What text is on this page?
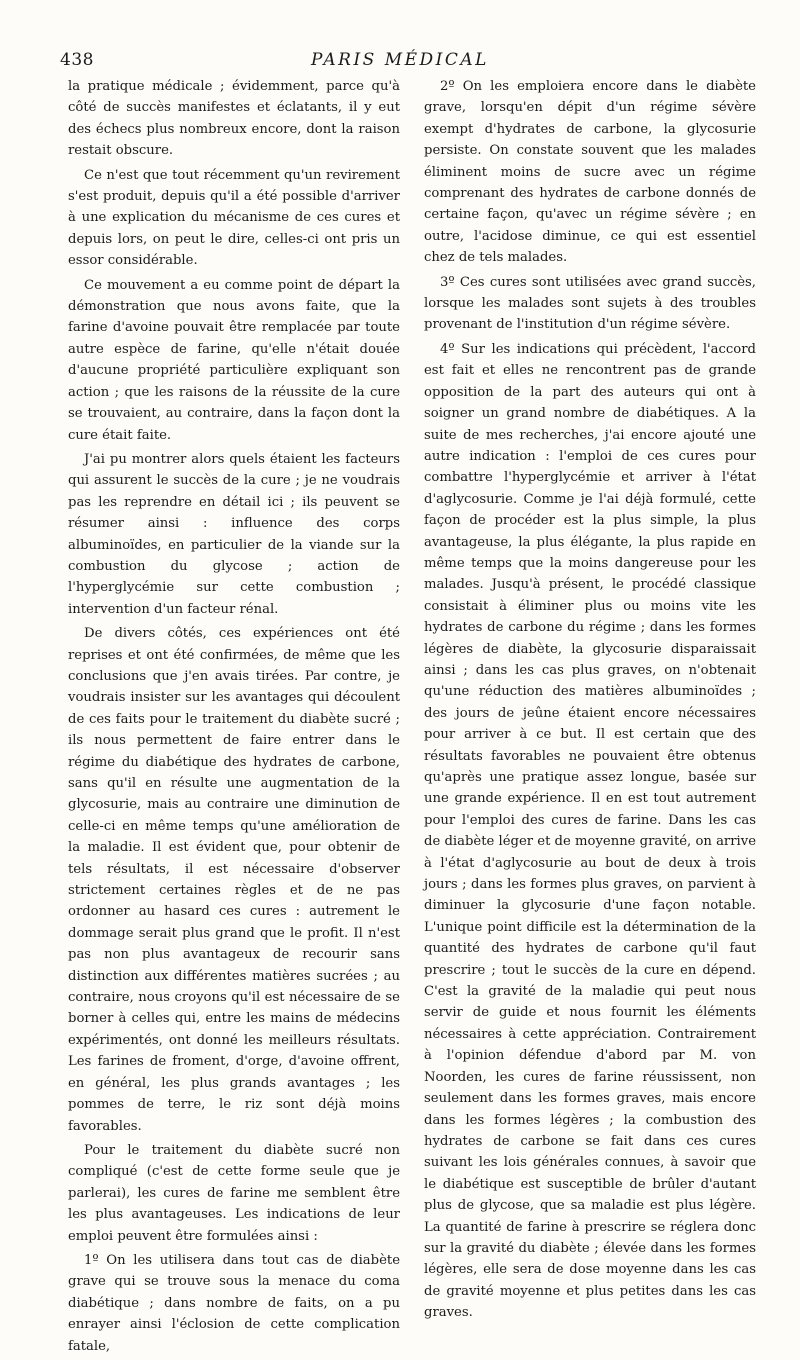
438	PARIS MÉDICAL

la pratique médicale ; évidemment, parce qu'à côté de succès manifestes et éclatants, il y eut des échecs plus nombreux encore, dont la raison restait obscure.

Ce n'est que tout récemment qu'un revirement s'est produit, depuis qu'il a été possible d'arriver à une explication du mécanisme de ces cures et depuis lors, on peut le dire, celles-ci ont pris un essor considérable.

Ce mouvement a eu comme point de départ la démonstration que nous avons faite, que la farine d'avoine pouvait être remplacée par toute autre espèce de farine, qu'elle n'était douée d'aucune propriété particulière expliquant son action ; que les raisons de la réussite de la cure se trouvaient, au contraire, dans la façon dont la cure était faite.

J'ai pu montrer alors quels étaient les facteurs qui assurent le succès de la cure ; je ne voudrais pas les reprendre en détail ici ; ils peuvent se résumer ainsi : influence des corps albuminoïdes, en particulier de la viande sur la combustion du glycose ; action de l'hyperglycémie sur cette combustion ; intervention d'un facteur rénal.

De divers côtés, ces expériences ont été reprises et ont été confirmées, de même que les conclusions que j'en avais tirées. Par contre, je voudrais insister sur les avantages qui découlent de ces faits pour le traitement du diabète sucré ; ils nous permettent de faire entrer dans le régime du diabétique des hydrates de carbone, sans qu'il en résulte une augmentation de la glycosurie, mais au contraire une diminution de celle-ci en même temps qu'une amélioration de la maladie. Il est évident que, pour obtenir de tels résultats, il est nécessaire d'observer strictement certaines règles et de ne pas ordonner au hasard ces cures : autrement le dommage serait plus grand que le profit. Il n'est pas non plus avantageux de recourir sans distinction aux différentes matières sucrées ; au contraire, nous croyons qu'il est nécessaire de se borner à celles qui, entre les mains de médecins expérimentés, ont donné les meilleurs résultats. Les farines de froment, d'orge, d'avoine offrent, en général, les plus grands avantages ; les pommes de terre, le riz sont déjà moins favorables.

Pour le traitement du diabète sucré non compliqué (c'est de cette forme seule que je parlerai), les cures de farine me semblent être les plus avantageuses. Les indications de leur emploi peuvent être formulées ainsi :

1º On les utilisera dans tout cas de diabète grave qui se trouve sous la menace du coma diabétique ; dans nombre de faits, on a pu enrayer ainsi l'éclosion de cette complication fatale,

2º On les emploiera encore dans le diabète grave, lorsqu'en dépit d'un régime sévère exempt d'hydrates de carbone, la glycosurie persiste. On constate souvent que les malades éliminent moins de sucre avec un régime comprenant des hydrates de carbone donnés de certaine façon, qu'avec un régime sévère ; en outre, l'acidose diminue, ce qui est essentiel chez de tels malades.

3º Ces cures sont utilisées avec grand succès, lorsque les malades sont sujets à des troubles provenant de l'institution d'un régime sévère.

4º Sur les indications qui précèdent, l'accord est fait et elles ne rencontrent pas de grande opposition de la part des auteurs qui ont à soigner un grand nombre de diabétiques. A la suite de mes recherches, j'ai encore ajouté une autre indication : l'emploi de ces cures pour combattre l'hyperglycémie et arriver à l'état d'aglycosurie. Comme je l'ai déjà formulé, cette façon de procéder est la plus simple, la plus avantageuse, la plus élégante, la plus rapide en même temps que la moins dangereuse pour les malades. Jusqu'à présent, le procédé classique consistait à éliminer plus ou moins vite les hydrates de carbone du régime ; dans les formes légères de diabète, la glycosurie disparaissait ainsi ; dans les cas plus graves, on n'obtenait qu'une réduction des matières albuminoïdes ; des jours de jeûne étaient encore nécessaires pour arriver à ce but. Il est certain que des résultats favorables ne pouvaient être obtenus qu'après une pratique assez longue, basée sur une grande expérience. Il en est tout autrement pour l'emploi des cures de farine. Dans les cas de diabète léger et de moyenne gravité, on arrive à l'état d'aglycosurie au bout de deux à trois jours ; dans les formes plus graves, on parvient à diminuer la glycosurie d'une façon notable. L'unique point difficile est la détermination de la quantité des hydrates de carbone qu'il faut prescrire ; tout le succès de la cure en dépend. C'est la gravité de la maladie qui peut nous servir de guide et nous fournit les éléments nécessaires à cette appréciation. Contrairement à l'opinion défendue d'abord par M. von Noorden, les cures de farine réussissent, non seulement dans les formes graves, mais encore dans les formes légères ; la combustion des hydrates de carbone se fait dans ces cures suivant les lois générales connues, à savoir que le diabétique est susceptible de brûler d'autant plus de glycose, que sa maladie est plus légère. La quantité de farine à prescrire se réglera donc sur la gravité du diabète ; élevée dans les formes légères, elle sera de dose moyenne dans les cas de gravité moyenne et plus petites dans les cas graves.
